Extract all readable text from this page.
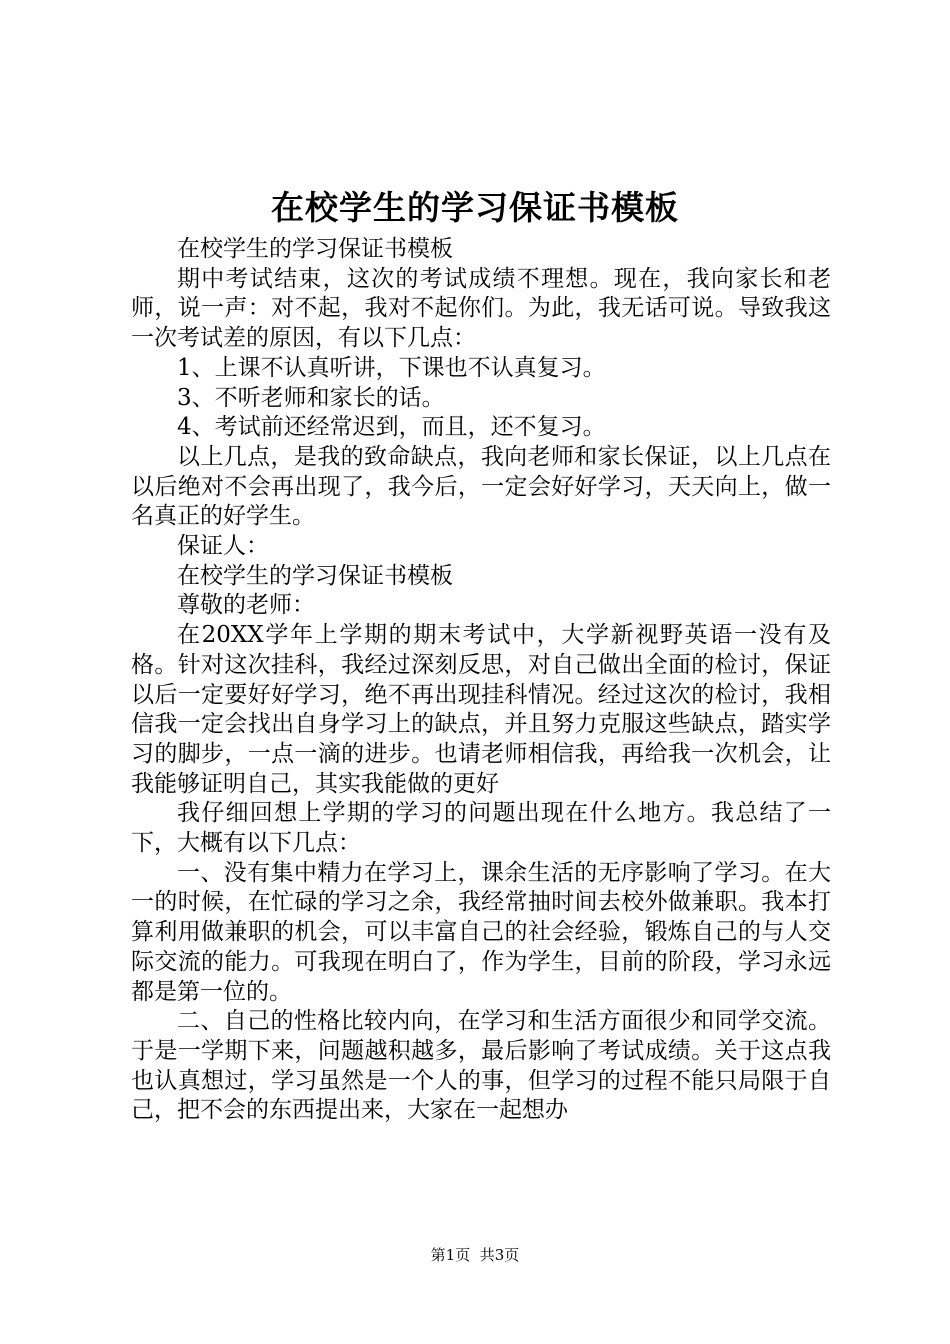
在校学生的学习保证书模板

在校学生的学习保证书模板

期中考试结束，这次的考试成绩不理想。现在，我向家长和老师，说一声：对不起，我对不起你们。为此，我无话可说。导致我这一次考试差的原因，有以下几点：

1、上课不认真听讲，下课也不认真复习。

3、不听老师和家长的话。

4、考试前还经常迟到，而且，还不复习。

以上几点，是我的致命缺点，我向老师和家长保证，以上几点在以后绝对不会再出现了，我今后，一定会好好学习，天天向上，做一名真正的好学生。

保证人：

在校学生的学习保证书模板

尊敬的老师：

在20XX学年上学期的期末考试中，大学新视野英语一没有及格。针对这次挂科，我经过深刻反思，对自己做出全面的检讨，保证以后一定要好好学习，绝不再出现挂科情况。经过这次的检讨，我相信我一定会找出自身学习上的缺点，并且努力克服这些缺点，踏实学习的脚步，一点一滴的进步。也请老师相信我，再给我一次机会，让我能够证明自己，其实我能做的更好

我仔细回想上学期的学习的问题出现在什么地方。我总结了一下，大概有以下几点：

一、没有集中精力在学习上，课余生活的无序影响了学习。在大一的时候，在忙碌的学习之余，我经常抽时间去校外做兼职。我本打算利用做兼职的机会，可以丰富自己的社会经验，锻炼自己的与人交际交流的能力。可我现在明白了，作为学生，目前的阶段，学习永远都是第一位的。

二、自己的性格比较内向，在学习和生活方面很少和同学交流。于是一学期下来，问题越积越多，最后影响了考试成绩。关于这点我也认真想过，学习虽然是一个人的事，但学习的过程不能只局限于自己，把不会的东西提出来，大家在一起想办

第1页 共3页
